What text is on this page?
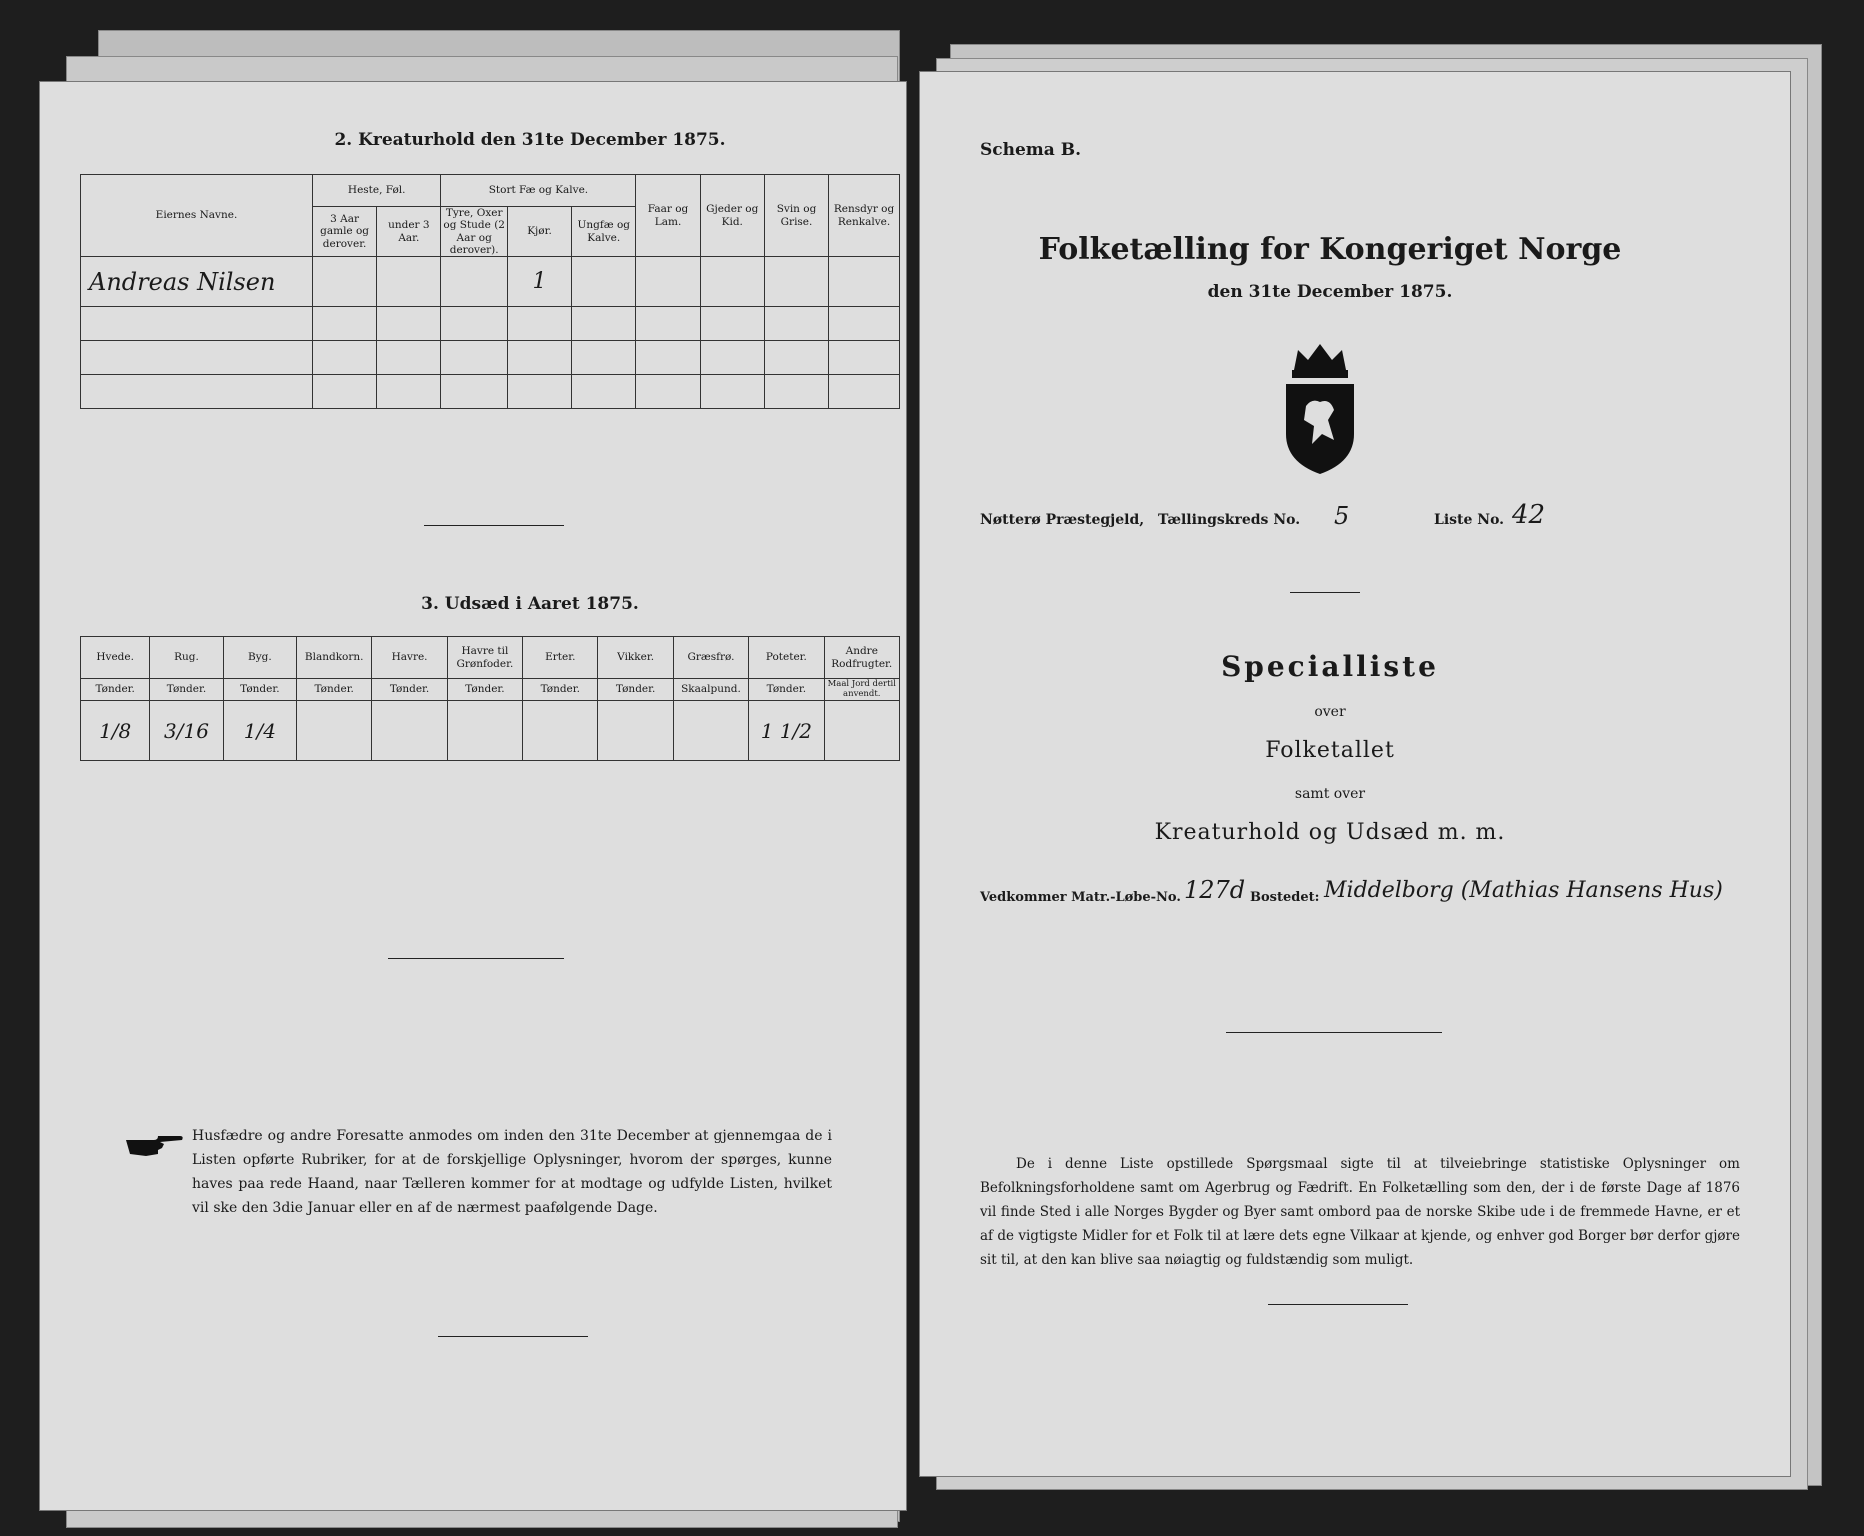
2. Kreaturhold den 31te December 1875.
Eiernes Navne.	Heste, Føl.		Stort Fæ og Kalve.			Faar og Lam.	Gjeder og Kid.	Svin og Grise.	Rensdyr og Renkalve.
	3 Aar gamle og derover.	under 3 Aar.	Tyre, Oxer og Stude (2 Aar og derover).	Kjør.	Ungfæ og Kalve.				
Andreas Nilsen				1					

3. Udsæd i Aaret 1875.
Hvede.	Rug.	Byg.	Blandkorn.	Havre.	Havre til Grønfoder.	Erter.	Vikker.	Græsfrø.	Poteter.	Andre Rodfrugter.
Tønder.	Tønder.	Tønder.	Tønder.	Tønder.	Tønder.	Tønder.	Tønder.	Skaalpund.	Tønder.	Maal Jord dertil anvendt.
1/8	3/16	1/4							1 1/2	
Husfædre og andre Foresatte anmodes om inden den 31te December at gjennemgaa de i Listen opførte Rubriker, for at de forskjellige Oplysninger, hvorom der spørges, kunne haves paa rede Haand, naar Tælleren kommer for at modtage og udfylde Listen, hvilket vil ske den 3die Januar eller en af de nærmest paafølgende Dage.
Schema B.
Folketælling for Kongeriget Norge
den 31te December 1875.
Nøtterø Præstegjeld, Tællingskreds No. 5	Liste No. 42
Specialliste
over
Folketallet
samt over
Kreaturhold og Udsæd m. m.
Vedkommer Matr.-Løbe-No. 127d Bostedet: Middelborg (Mathias Hansens Hus)
De i denne Liste opstillede Spørgsmaal sigte til at tilveiebringe statistiske Oplysninger om Befolkningsforholdene samt om Agerbrug og Fædrift. En Folketælling som den, der i de første Dage af 1876 vil finde Sted i alle Norges Bygder og Byer samt ombord paa de norske Skibe ude i de fremmede Havne, er et af de vigtigste Midler for et Folk til at lære dets egne Vilkaar at kjende, og enhver god Borger bør derfor gjøre sit til, at den kan blive saa nøiagtig og fuldstændig som muligt.
